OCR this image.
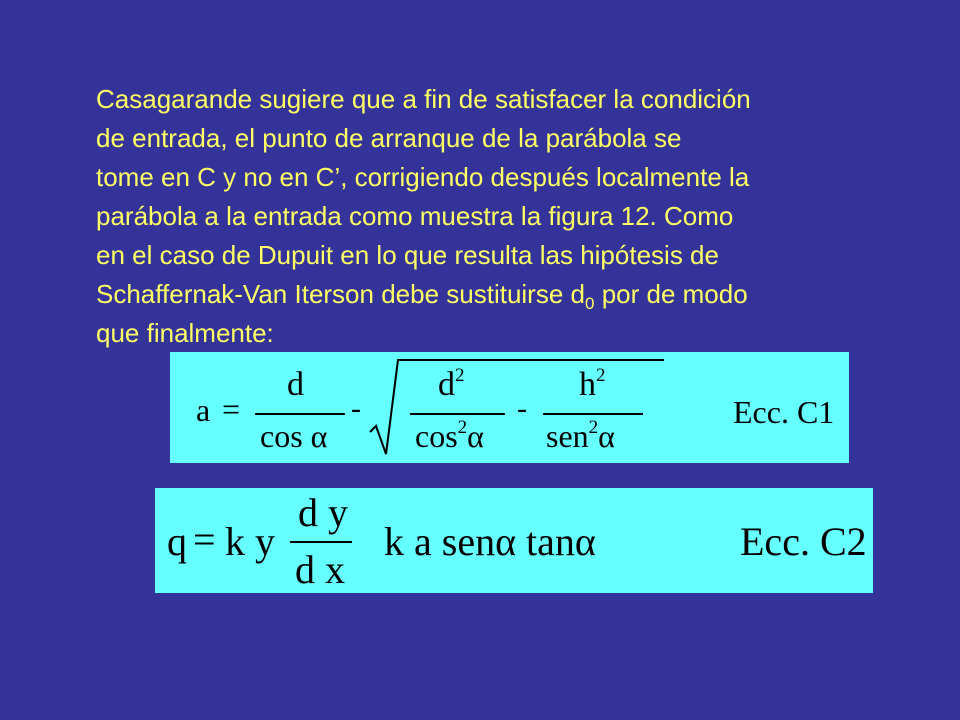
Casagarande sugiere que a fin de satisfacer la condición
de entrada, el punto de arranque de la parábola se
tome en C y no en C’, corrigiendo después localmente la
parábola a la entrada como muestra la figura 12. Como
en el caso de Dupuit en lo que resulta las hipótesis de
Schaffernak-Van Iterson debe sustituirse $d_0$ por de modo
que finalmente:
a =
d
cos α
-
$d^2$
$\cos^2\alpha$
-
$h^2$
sen$^2$α
Ecc. C1
q = k y
d y
d x
k a senα tanα	Ecc. C2
